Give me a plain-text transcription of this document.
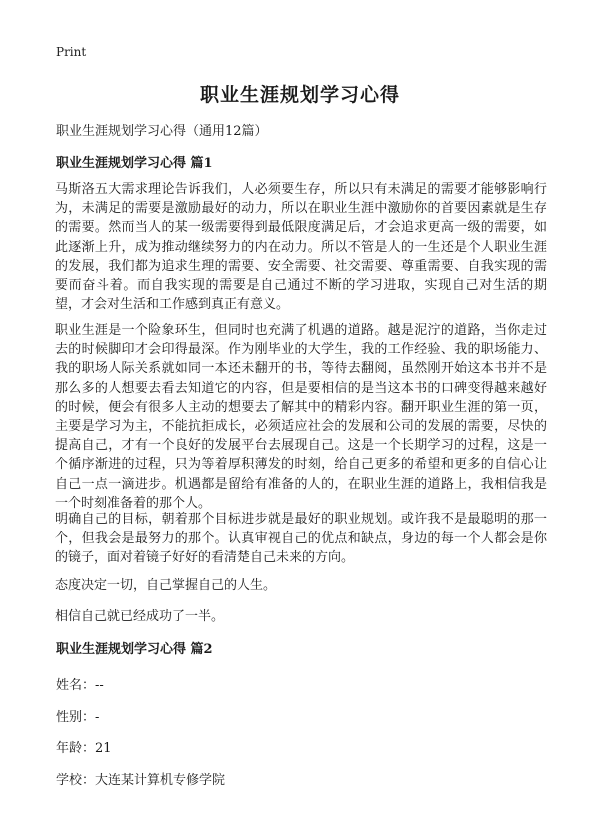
Print
职业生涯规划学习心得

职业生涯规划学习心得（通用12篇）

职业生涯规划学习心得 篇1

马斯洛五大需求理论告诉我们，人必须要生存，所以只有未满足的需要才能够影响行为，未满足的需要是激励最好的动力，所以在职业生涯中激励你的首要因素就是生存的需要。然而当人的某一级需要得到最低限度满足后，才会追求更高一级的需要，如此逐渐上升，成为推动继续努力的内在动力。所以不管是人的一生还是个人职业生涯的发展，我们都为追求生理的需要、安全需要、社交需要、尊重需要、自我实现的需要而奋斗着。而自我实现的需要是自己通过不断的学习进取，实现自己对生活的期望，才会对生活和工作感到真正有意义。

职业生涯是一个险象环生，但同时也充满了机遇的道路。越是泥泞的道路，当你走过去的时候脚印才会印得最深。作为刚毕业的大学生，我的工作经验、我的职场能力、我的职场人际关系就如同一本还未翻开的书，等待去翻阅，虽然刚开始这本书并不是那么多的人想要去看去知道它的内容，但是要相信的是当这本书的口碑变得越来越好的时候，便会有很多人主动的想要去了解其中的精彩内容。翻开职业生涯的第一页，主要是学习为主，不能抗拒成长，必须适应社会的发展和公司的发展的需要，尽快的提高自己，才有一个良好的发展平台去展现自己。这是一个长期学习的过程，这是一个循序渐进的过程，只为等着厚积薄发的时刻，给自己更多的希望和更多的自信心让自己一点一滴进步。机遇都是留给有准备的人的，在职业生涯的道路上，我相信我是一个时刻准备着的那个人。

明确自己的目标，朝着那个目标进步就是最好的职业规划。或许我不是最聪明的那一个，但我会是最努力的那个。认真审视自己的优点和缺点，身边的每一个人都会是你的镜子，面对着镜子好好的看清楚自己未来的方向。

态度决定一切，自己掌握自己的人生。

相信自己就已经成功了一半。

职业生涯规划学习心得 篇2

姓名：--

性别：-

年龄：21

学校：大连某计算机专修学院
